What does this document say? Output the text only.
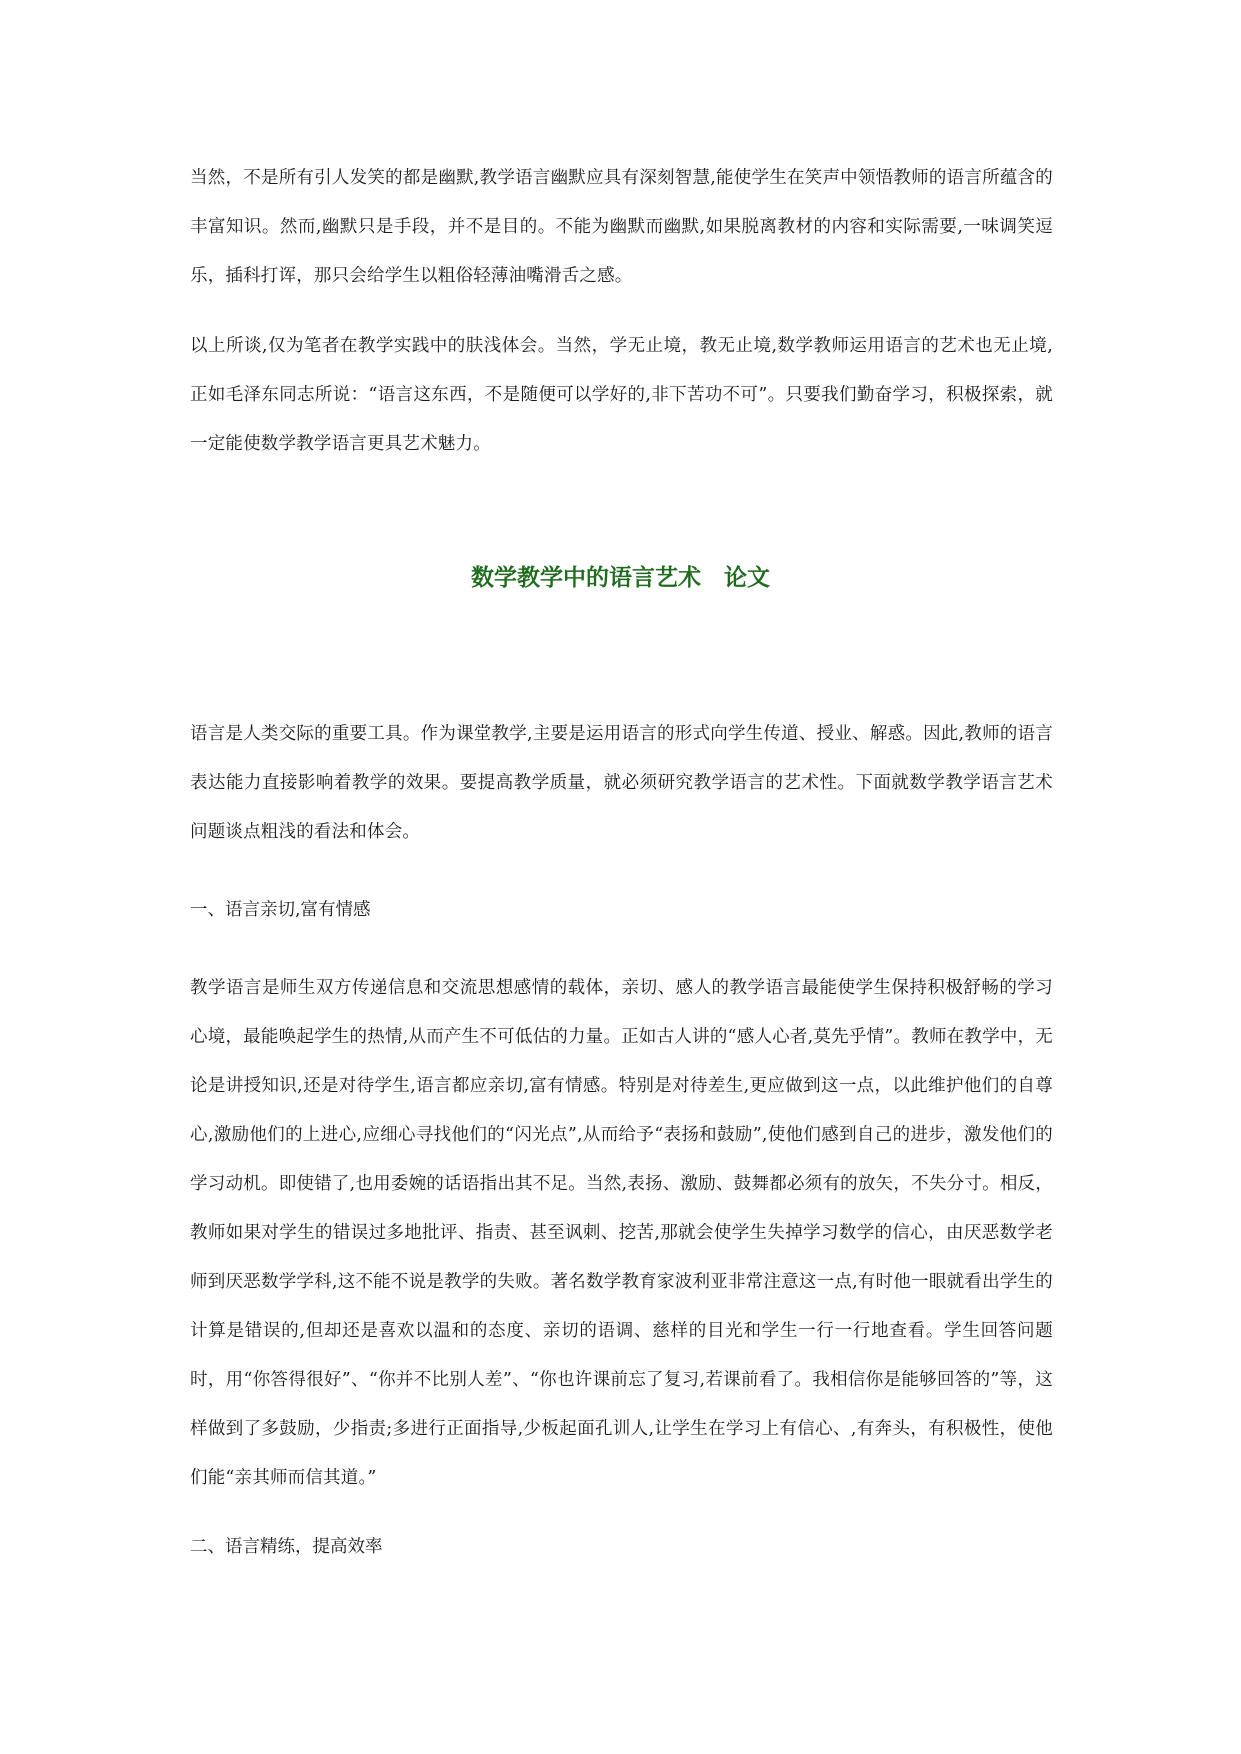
当然，不是所有引人发笑的都是幽默,教学语言幽默应具有深刻智慧,能使学生在笑声中领悟教师的语言所蕴含的丰富知识。然而,幽默只是手段，并不是目的。不能为幽默而幽默,如果脱离教材的内容和实际需要,一味调笑逗乐，插科打诨，那只会给学生以粗俗轻薄油嘴滑舌之感。

以上所谈,仅为笔者在教学实践中的肤浅体会。当然，学无止境，教无止境,数学教师运用语言的艺术也无止境,正如毛泽东同志所说：“语言这东西，不是随便可以学好的,非下苦功不可”。只要我们勤奋学习，积极探索，就一定能使数学教学语言更具艺术魅力。

数学教学中的语言艺术　论文

语言是人类交际的重要工具。作为课堂教学,主要是运用语言的形式向学生传道、授业、解惑。因此,教师的语言表达能力直接影响着教学的效果。要提高教学质量，就必须研究教学语言的艺术性。下面就数学教学语言艺术问题谈点粗浅的看法和体会。

一、语言亲切,富有情感

教学语言是师生双方传递信息和交流思想感情的载体，亲切、感人的教学语言最能使学生保持积极舒畅的学习心境，最能唤起学生的热情,从而产生不可低估的力量。正如古人讲的“感人心者,莫先乎情”。教师在教学中，无论是讲授知识,还是对待学生,语言都应亲切,富有情感。特别是对待差生,更应做到这一点，以此维护他们的自尊心,激励他们的上进心,应细心寻找他们的“闪光点”,从而给予“表扬和鼓励”,使他们感到自己的进步，激发他们的学习动机。即使错了,也用委婉的话语指出其不足。当然,表扬、激励、鼓舞都必须有的放矢，不失分寸。相反，教师如果对学生的错误过多地批评、指责、甚至讽刺、挖苦,那就会使学生失掉学习数学的信心，由厌恶数学老师到厌恶数学学科,这不能不说是教学的失败。著名数学教育家波利亚非常注意这一点,有时他一眼就看出学生的计算是错误的,但却还是喜欢以温和的态度、亲切的语调、慈样的目光和学生一行一行地查看。学生回答问题时，用“你答得很好”、“你并不比别人差”、“你也许课前忘了复习,若课前看了。我相信你是能够回答的”等，这样做到了多鼓励，少指责;多进行正面指导,少板起面孔训人,让学生在学习上有信心、,有奔头，有积极性，使他们能“亲其师而信其道。”

二、语言精练，提高效率
